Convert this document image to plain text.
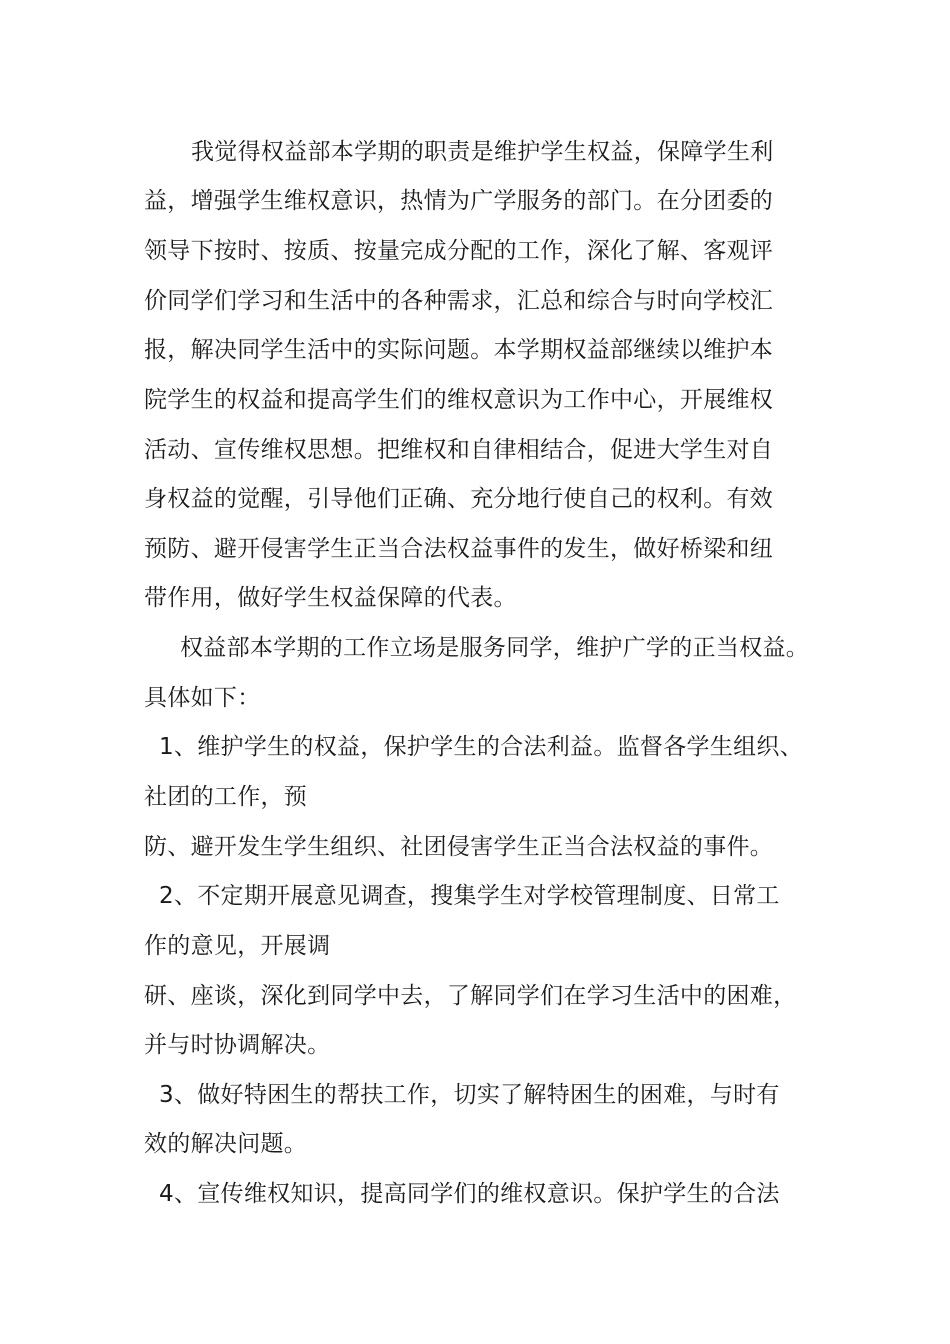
我觉得权益部本学期的职责是维护学生权益，保障学生利
益，增强学生维权意识，热情为广学服务的部门。在分团委的
领导下按时、按质、按量完成分配的工作，深化了解、客观评
价同学们学习和生活中的各种需求，汇总和综合与时向学校汇
报，解决同学生活中的实际问题。本学期权益部继续以维护本
院学生的权益和提高学生们的维权意识为工作中心，开展维权
活动、宣传维权思想。把维权和自律相结合，促进大学生对自
身权益的觉醒，引导他们正确、充分地行使自己的权利。有效
预防、避开侵害学生正当合法权益事件的发生，做好桥梁和纽
带作用，做好学生权益保障的代表。
权益部本学期的工作立场是服务同学，维护广学的正当权益。
具体如下：
1、维护学生的权益，保护学生的合法利益。监督各学生组织、
社团的工作，预
防、避开发生学生组织、社团侵害学生正当合法权益的事件。
2、不定期开展意见调查，搜集学生对学校管理制度、日常工
作的意见，开展调
研、座谈，深化到同学中去，了解同学们在学习生活中的困难，
并与时协调解决。
3、做好特困生的帮扶工作，切实了解特困生的困难，与时有
效的解决问题。
4、宣传维权知识，提高同学们的维权意识。保护学生的合法
